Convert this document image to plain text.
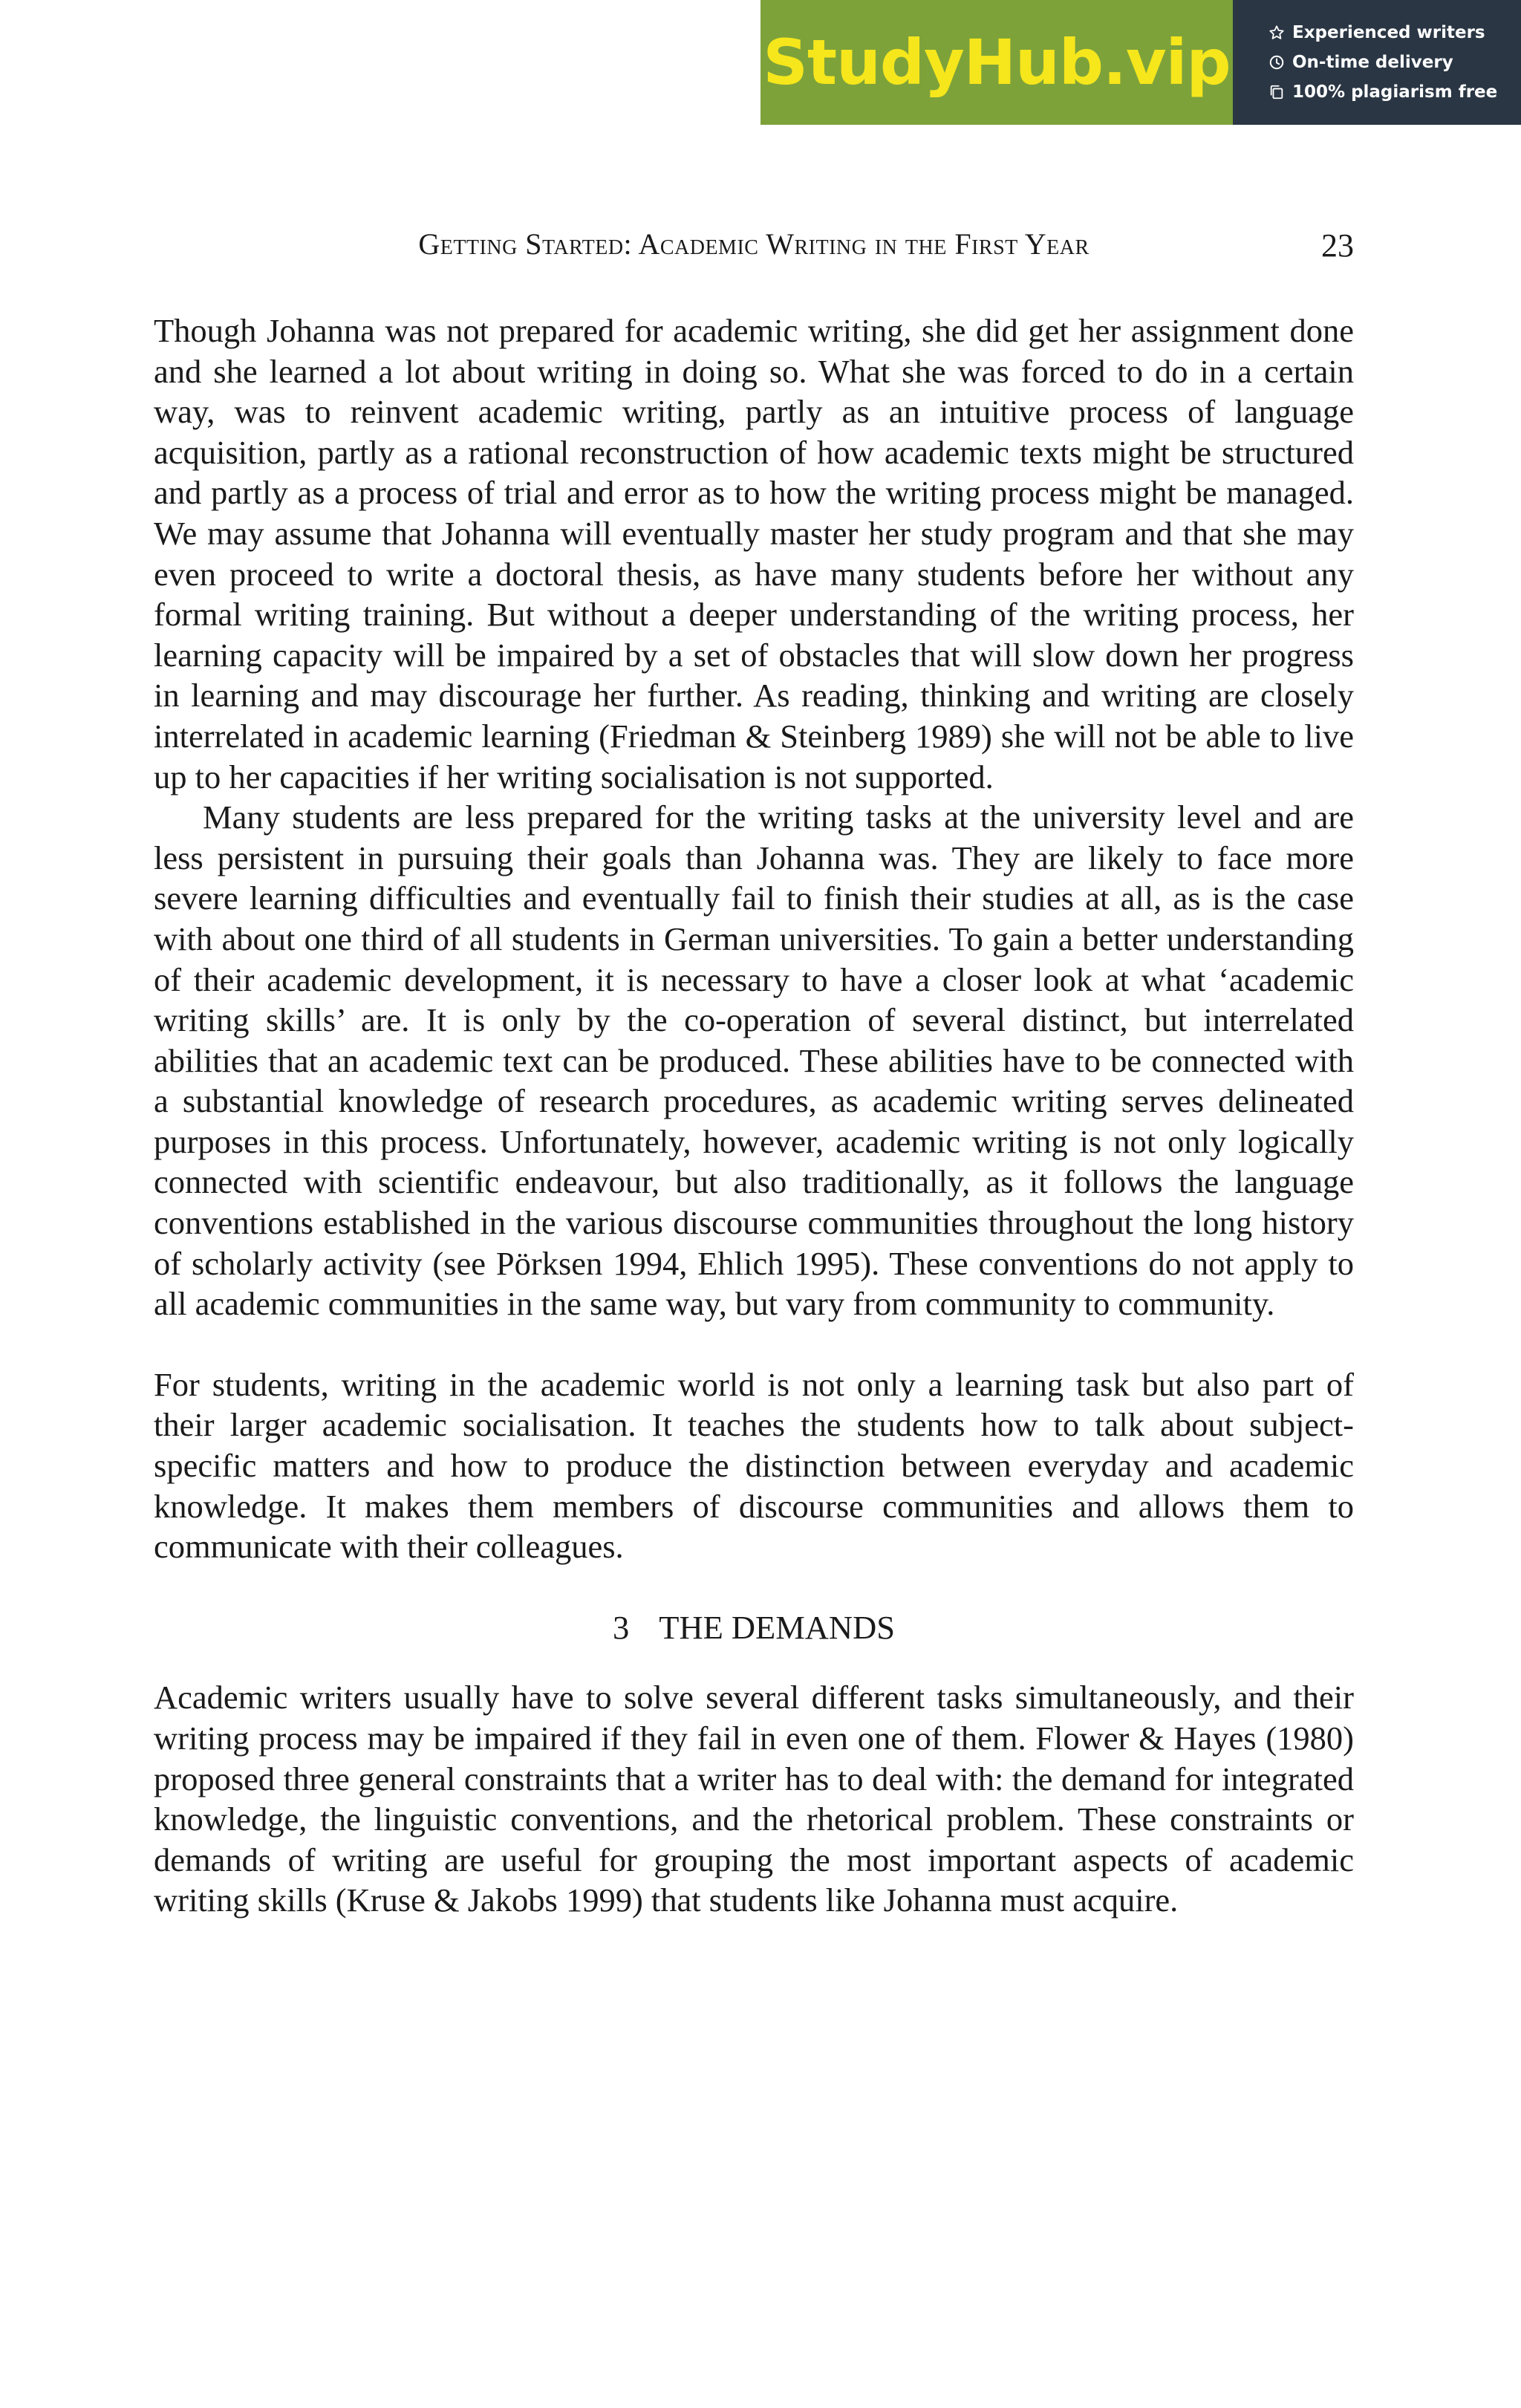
StudyHub.vip	Experienced writers
On-time delivery
100% plagiarism free
Getting Started: Academic Writing in the First Year	23

Though Johanna was not prepared for academic writing, she did get her assignment done and she learned a lot about writing in doing so. What she was forced to do in a certain way, was to reinvent academic writing, partly as an intuitive process of language acquisition, partly as a rational reconstruction of how academic texts might be structured and partly as a process of trial and error as to how the writing process might be managed. We may assume that Johanna will eventually master her study program and that she may even proceed to write a doctoral thesis, as have many students before her without any formal writing training. But without a deeper understanding of the writing process, her learning capacity will be impaired by a set of obstacles that will slow down her progress in learning and may discourage her further. As reading, thinking and writing are closely interrelated in academic learning (Friedman & Steinberg 1989) she will not be able to live up to her capacities if her writing socialisation is not supported.

Many students are less prepared for the writing tasks at the university level and are less persistent in pursuing their goals than Johanna was. They are likely to face more severe learning difficulties and eventually fail to finish their studies at all, as is the case with about one third of all students in German universities. To gain a better understanding of their academic development, it is necessary to have a closer look at what ‘academic writing skills’ are. It is only by the co-operation of several distinct, but interrelated abilities that an academic text can be produced. These abilities have to be connected with a substantial knowledge of research procedures, as academic writing serves delineated purposes in this process. Unfortunately, however, academic writing is not only logically connected with scientific endeavour, but also traditionally, as it follows the language conventions established in the various discourse communities throughout the long history of scholarly activity (see Pörksen 1994, Ehlich 1995). These conventions do not apply to all academic communities in the same way, but vary from community to community.

For students, writing in the academic world is not only a learning task but also part of their larger academic socialisation. It teaches the students how to talk about subject-specific matters and how to produce the distinction between everyday and academic knowledge. It makes them members of discourse communities and allows them to communicate with their colleagues.

3 THE DEMANDS

Academic writers usually have to solve several different tasks simultaneously, and their writing process may be impaired if they fail in even one of them. Flower & Hayes (1980) proposed three general constraints that a writer has to deal with: the demand for integrated knowledge, the linguistic conventions, and the rhetorical problem. These constraints or demands of writing are useful for grouping the most important aspects of academic writing skills (Kruse & Jakobs 1999) that students like Johanna must acquire.
